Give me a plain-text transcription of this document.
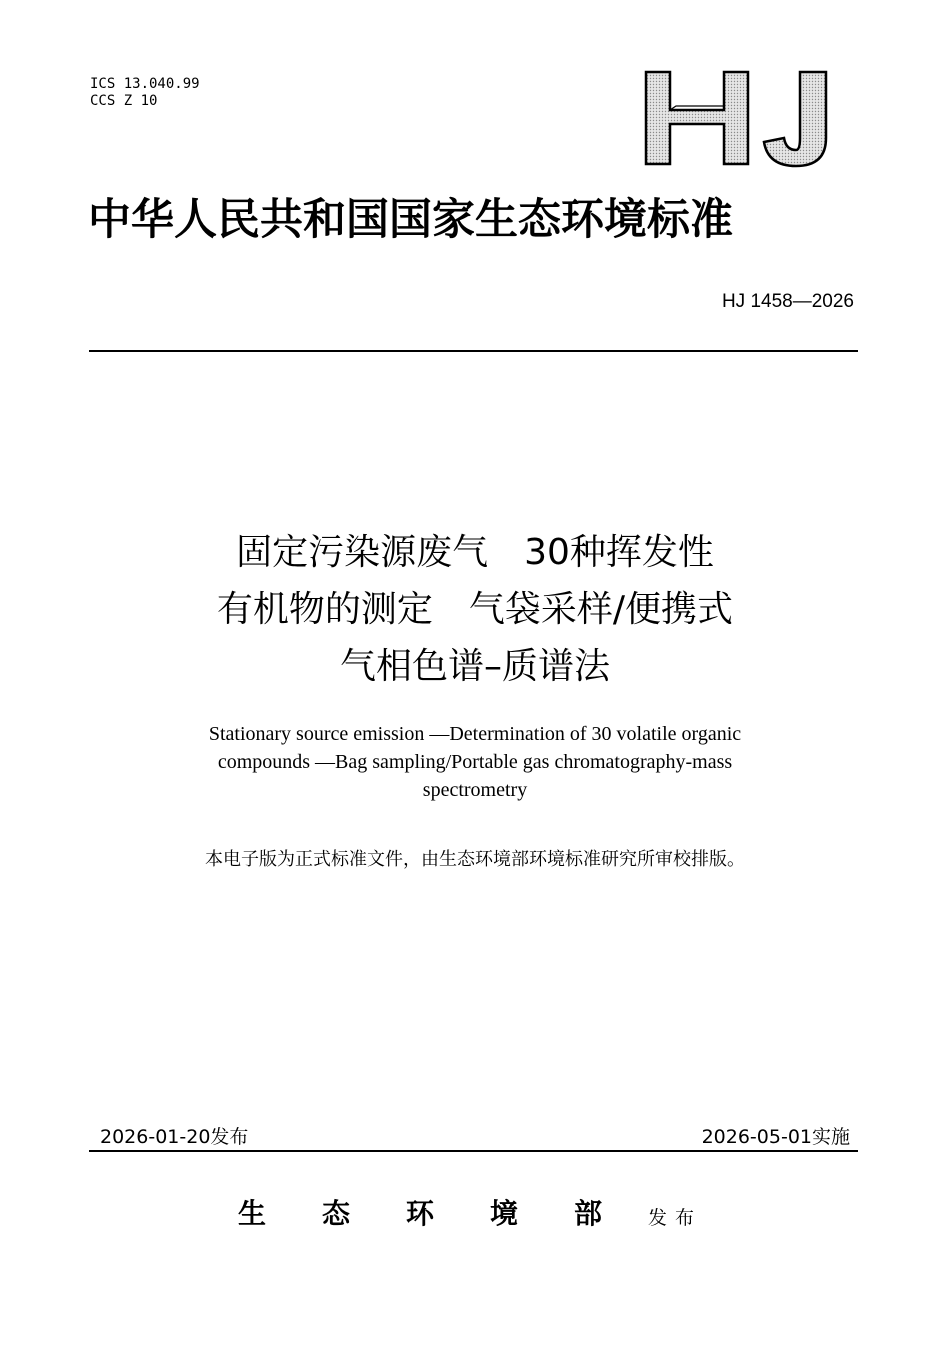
ICS 13.040.99
CCS Z 10
中华人民共和国国家生态环境标准
HJ 1458—2026
固定污染源废气　30种挥发性
有机物的测定　气袋采样/便携式
气相色谱–质谱法
Stationary source emission —Determination of 30 volatile organic
compounds —Bag sampling/Portable gas chromatography-mass
spectrometry
本电子版为正式标准文件，由生态环境部环境标准研究所审校排版。
2026-01-20发布	2026-05-01实施
生 态 环 境 部	发布
